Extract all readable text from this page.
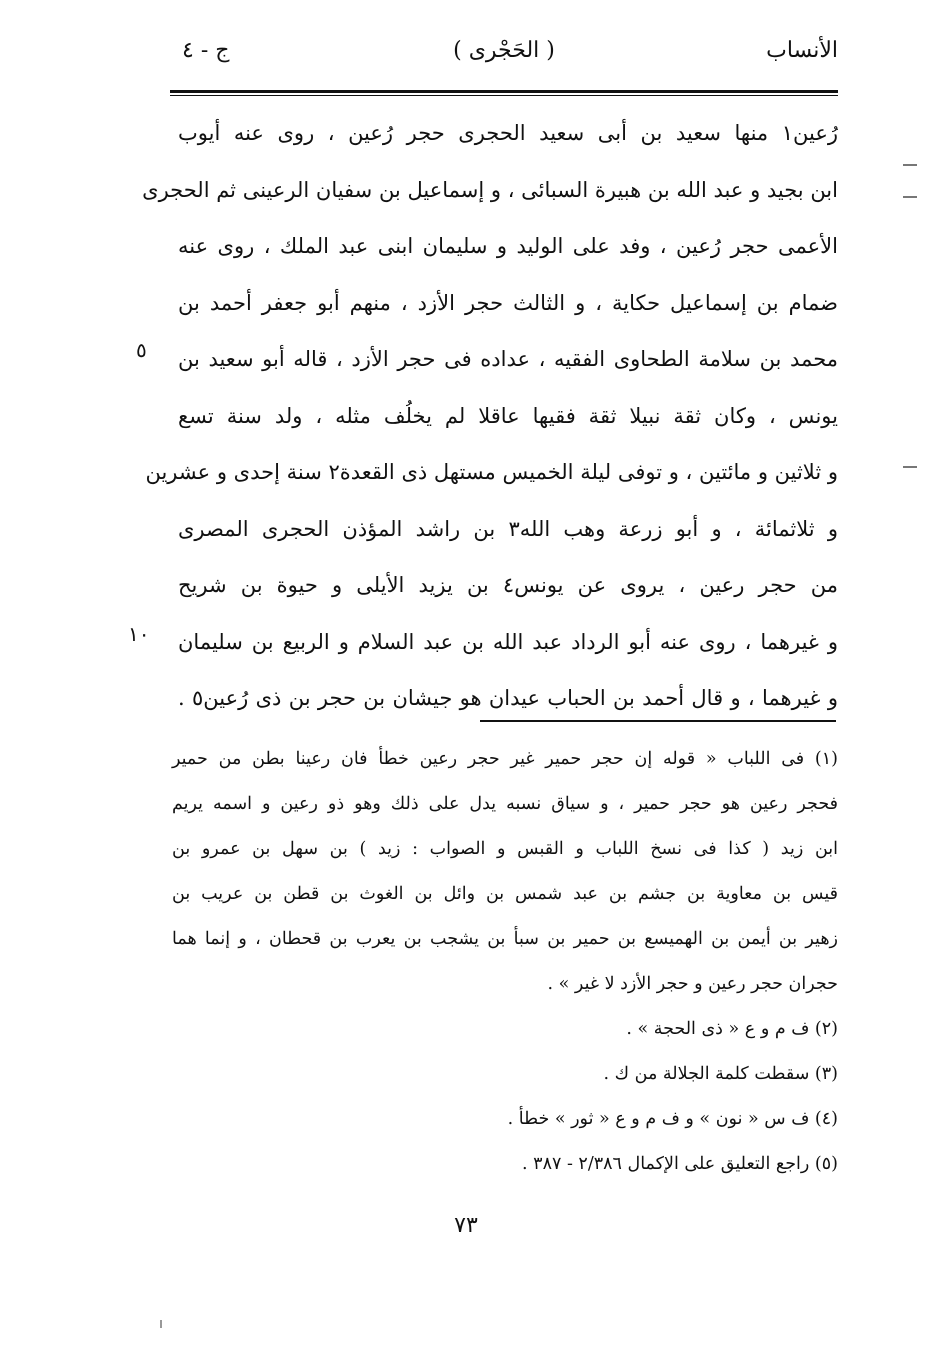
الأنساب
( الحَجْرى )
ج - ٤
رُعين١ منها سعيد بن أبى سعيد الحجرى حجر رُعين ، روى عنه أيوب
ابن بجيد و عبد الله بن هبيرة السبائى ، و إسماعيل بن سفيان الرعينى ثم الحجرى
الأعمى حجر رُعين ، وفد على الوليد و سليمان ابنى عبد الملك ، روى عنه
ضمام بن إسماعيل حكاية ، و الثالث حجر الأزد ، منهم أبو جعفر أحمد بن
محمد بن سلامة الطحاوى الفقيه ، عداده فى حجر الأزد ، قاله أبو سعيد بن
يونس ، وكان ثقة نبيلا ثقة فقيها عاقلا لم يخلُف مثله ، ولد سنة تسع
و ثلاثين و مائتين ، و توفى ليلة الخميس مستهل ذى القعدة٢ سنة إحدى و عشرين
و ثلاثمائة ، و أبو زرعة وهب الله٣ بن راشد المؤذن الحجرى المصرى
من حجر رعين ، يروى عن يونس٤ بن يزيد الأيلى و حيوة بن شريح
و غيرهما ، روى عنه أبو الرداد عبد الله بن عبد السلام و الربيع بن سليمان
و غيرهما ، و قال أحمد بن الحباب عيدان هو جيشان بن حجر بن ذى رُعين٥ .
٥
١٠
(١) فى اللباب « قوله إن حجر حمير غير حجر رعين خطأ فان رعينا بطن من حمير
فحجر رعين هو حجر حمير ، و سياق نسبه يدل على ذلك وهو ذو رعين و اسمه يريم
ابن زيد ( كذا فى نسخ اللباب و القبس و الصواب : زيد ) بن سهل بن عمرو بن
قيس بن معاوية بن جشم بن عبد شمس بن وائل بن الغوث بن قطن بن عريب بن
زهير بن أيمن بن الهميسع بن حمير بن سبأ بن يشجب بن يعرب بن قحطان ، و إنما هما
حجران حجر رعين و حجر الأزد لا غير » .
(٢) ف م و ع « ذى الحجة » .
(٣) سقطت كلمة الجلالة من ك .
(٤) ف س « نون » و ف م و ع « ثور » خطأ .
(٥) راجع التعليق على الإكمال ٢/٣٨٦ - ٣٨٧ .
٧٣
